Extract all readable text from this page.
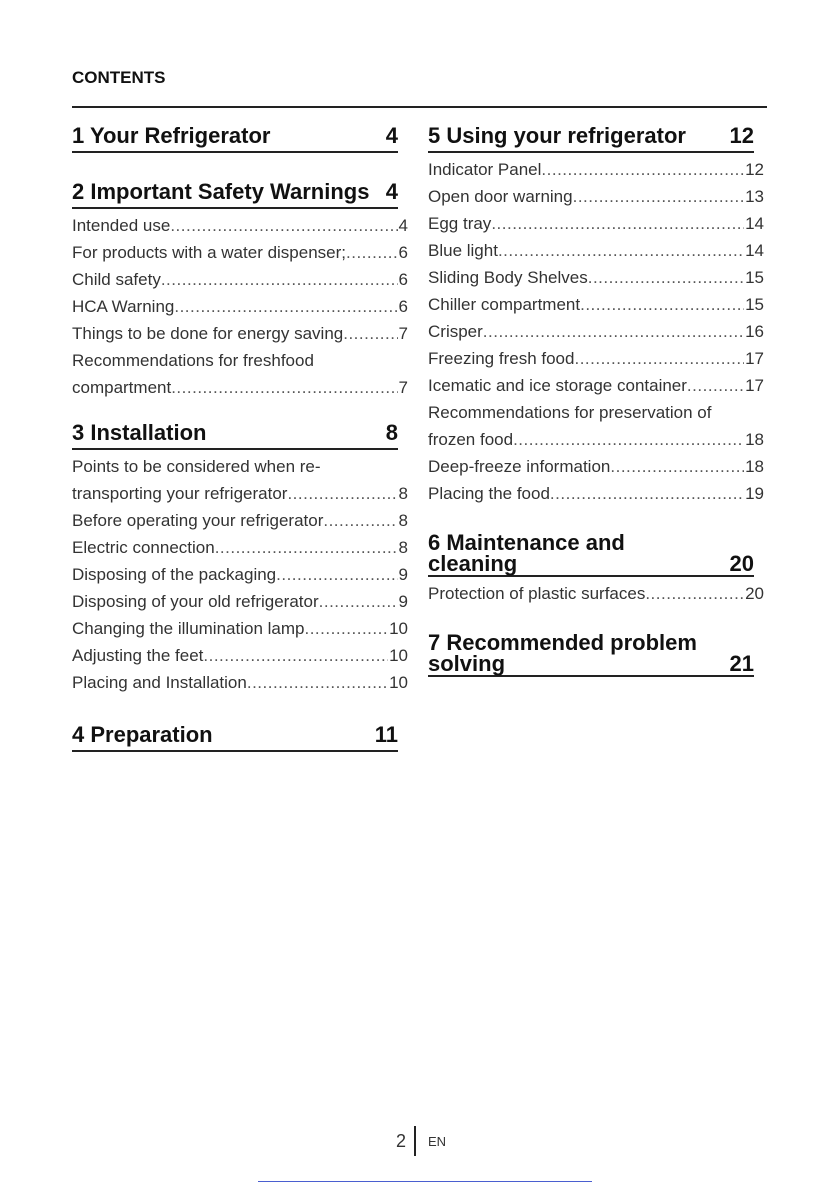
CONTENTS
1 Your Refrigerator	4
2 Important Safety Warnings 4
Intended use .....	4
For products with a water dispenser; .....	6
Child safety .....	6
HCA Warning .....	6
Things to be done for energy saving .....	7
Recommendations for freshfood
compartment .....	7
3 Installation	8
Points to be considered when re-
transporting your refrigerator .....	8
Before operating your refrigerator .....	8
Electric connection .....	8
Disposing of the packaging .....	9
Disposing of your old refrigerator .....	9
Changing the illumination lamp .....	10
Adjusting the feet .....	10
Placing and Installation .....	10
4 Preparation	11
5 Using your refrigerator 12
Indicator Panel .....	12
Open door warning .....	13
Egg tray .....	14
Blue light .....	14
Sliding Body Shelves .....	15
Chiller compartment .....	15
Crisper .....	16
Freezing fresh food .....	17
Icematic and ice storage container .....	17
Recommendations for preservation of
frozen food .....	18
Deep-freeze information .....	18
Placing the food .....	19
6 Maintenance and
cleaning	20
Protection of plastic surfaces .....	20
7 Recommended problem
solving	21
2 EN
